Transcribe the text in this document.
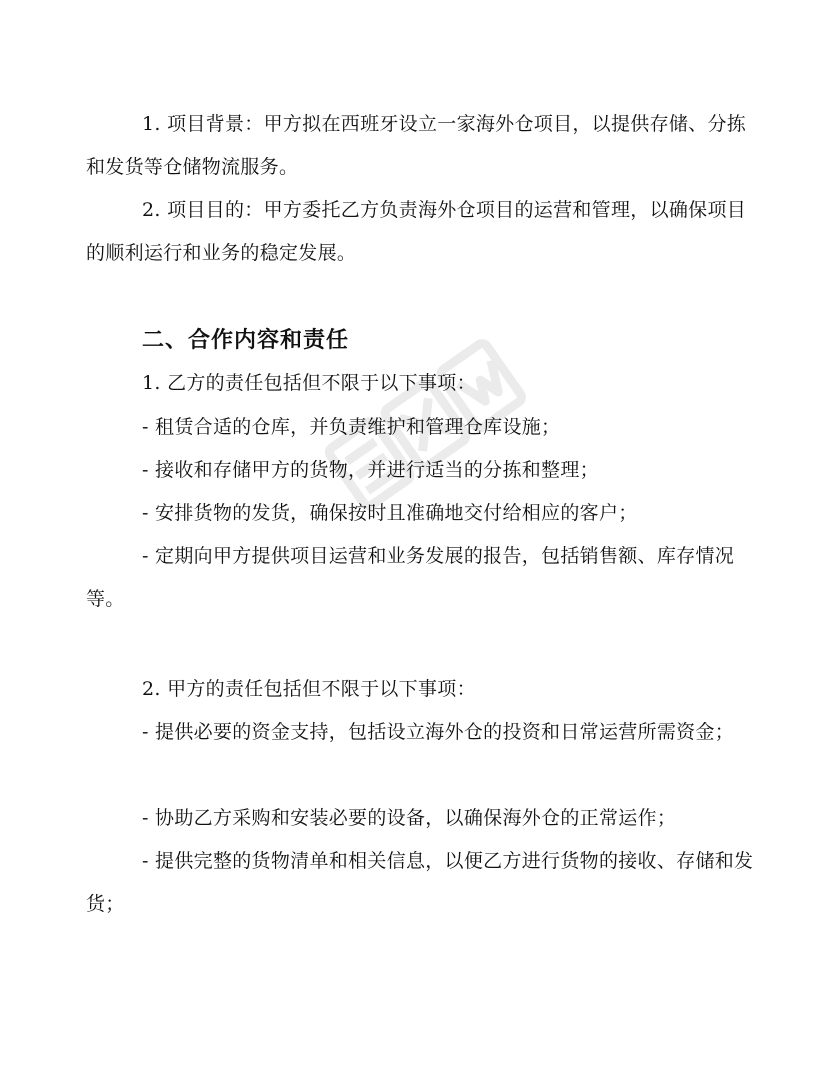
1. 项目背景：甲方拟在西班牙设立一家海外仓项目，以提供存储、分拣和发货等仓储物流服务。

2. 项目目的：甲方委托乙方负责海外仓项目的运营和管理，以确保项目的顺利运行和业务的稳定发展。

二、合作内容和责任

1. 乙方的责任包括但不限于以下事项：

- 租赁合适的仓库，并负责维护和管理仓库设施；

- 接收和存储甲方的货物，并进行适当的分拣和整理；

- 安排货物的发货，确保按时且准确地交付给相应的客户；

- 定期向甲方提供项目运营和业务发展的报告，包括销售额、库存情况等。

2. 甲方的责任包括但不限于以下事项：

- 提供必要的资金支持，包括设立海外仓的投资和日常运营所需资金；

- 协助乙方采购和安装必要的设备，以确保海外仓的正常运作；

- 提供完整的货物清单和相关信息，以便乙方进行货物的接收、存储和发货；
